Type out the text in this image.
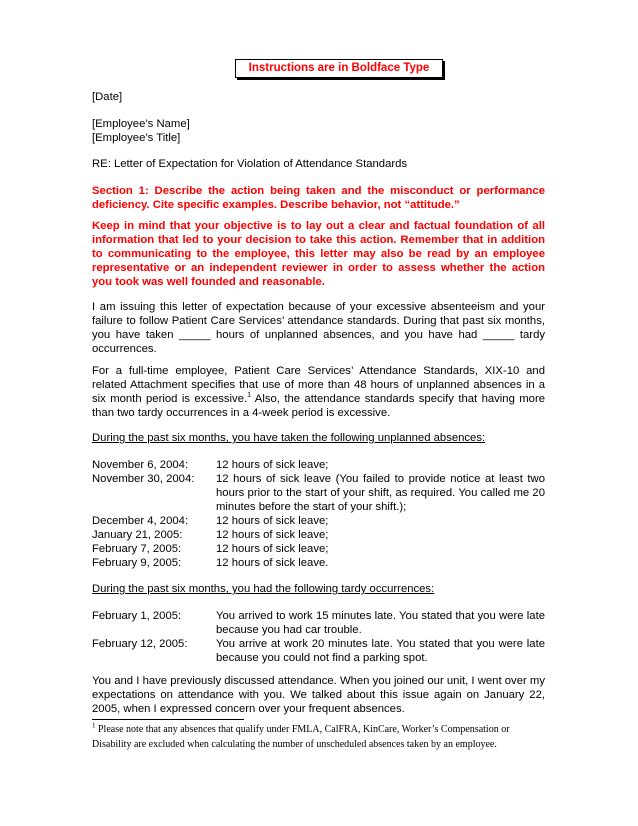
Instructions are in Boldface Type
[Date]
[Employee’s Name]
[Employee’s Title]
RE: Letter of Expectation for Violation of Attendance Standards
Section 1: Describe the action being taken and the misconduct or performance deficiency. Cite specific examples. Describe behavior, not “attitude.”
Keep in mind that your objective is to lay out a clear and factual foundation of all information that led to your decision to take this action. Remember that in addition to communicating to the employee, this letter may also be read by an employee representative or an independent reviewer in order to assess whether the action you took was well founded and reasonable.
I am issuing this letter of expectation because of your excessive absenteeism and your failure to follow Patient Care Services’ attendance standards. During that past six months, you have taken _____ hours of unplanned absences, and you have had _____ tardy occurrences.
For a full-time employee, Patient Care Services’ Attendance Standards, XIX-10 and related Attachment specifies that use of more than 48 hours of unplanned absences in a six month period is excessive.$^1$ Also, the attendance standards specify that having more than two tardy occurrences in a 4-week period is excessive.
During the past six months, you have taken the following unplanned absences:
November 6, 2004: 12 hours of sick leave;
November 30, 2004: 12 hours of sick leave (You failed to provide notice at least two hours prior to the start of your shift, as required. You called me 20 minutes before the start of your shift.);
December 4, 2004: 12 hours of sick leave;
January 21, 2005:	12 hours of sick leave;
February 7, 2005:	12 hours of sick leave;
February 9, 2005:	12 hours of sick leave.
During the past six months, you had the following tardy occurrences:
February 1, 2005:	You arrived to work 15 minutes late. You stated that you were late because you had car trouble.
February 12, 2005:	You arrive at work 20 minutes late. You stated that you were late because you could not find a parking spot.
You and I have previously discussed attendance. When you joined our unit, I went over my expectations on attendance with you. We talked about this issue again on January 22, 2005, when I expressed concern over your frequent absences.
$^1$ Please note that any absences that qualify under FMLA, CalFRA, KinCare, Worker’s Compensation or Disability are excluded when calculating the number of unscheduled absences taken by an employee.
